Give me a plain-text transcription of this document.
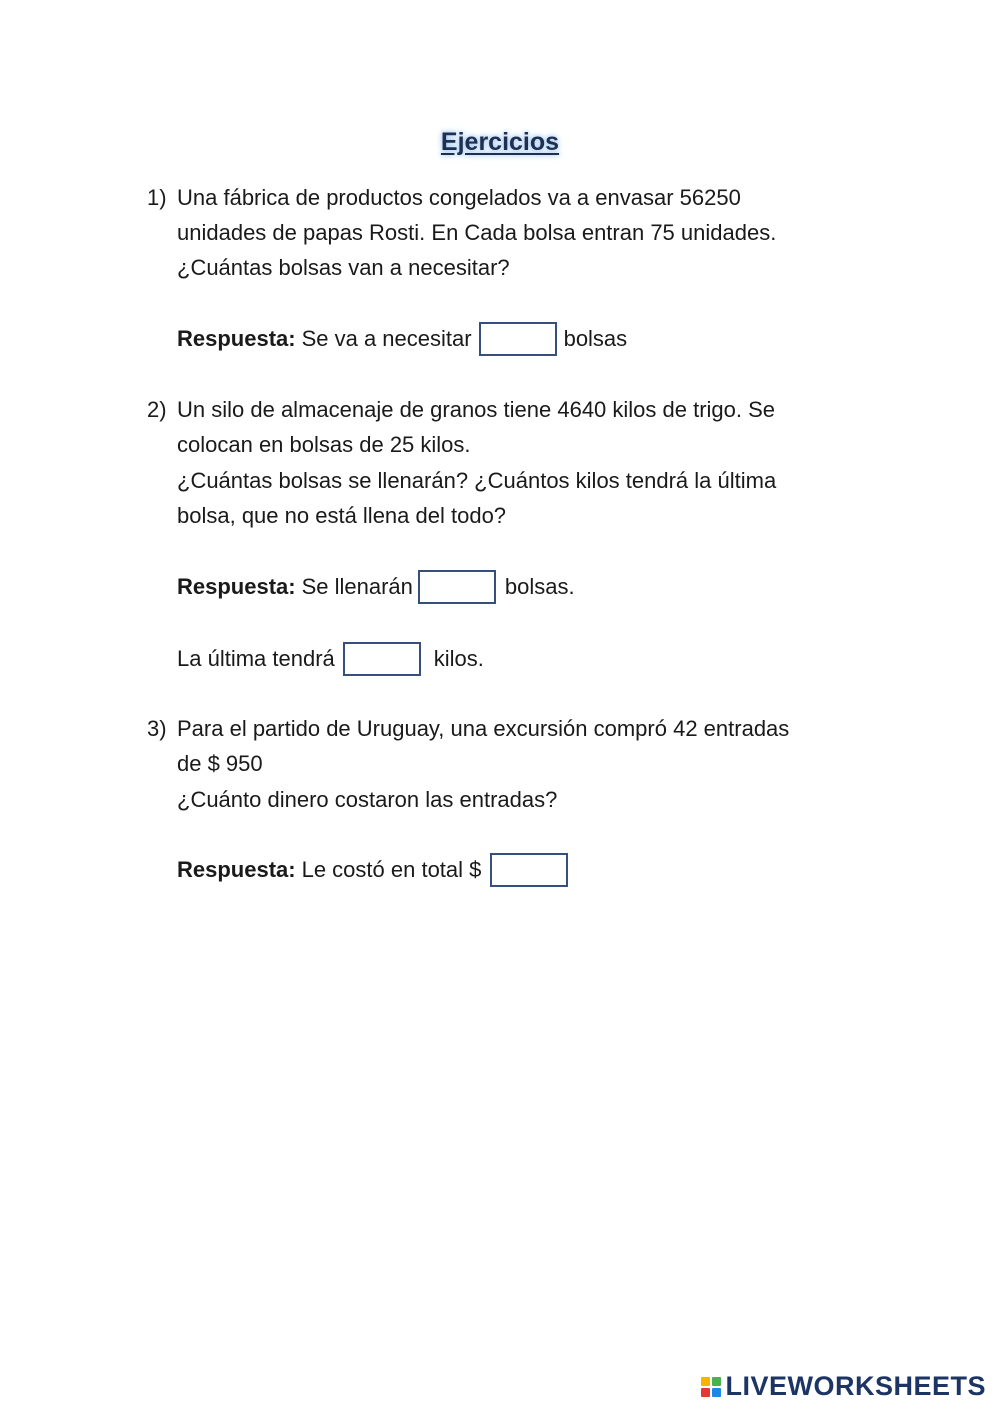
Ejercicios
1) Una fábrica de productos congelados va a envasar 56250
unidades de papas Rosti. En Cada bolsa entran 75 unidades.
¿Cuántas bolsas van a necesitar?
Respuesta: Se va a necesitar	bolsas
2) Un silo de almacenaje de granos tiene 4640 kilos de trigo. Se
colocan en bolsas de 25 kilos.
¿Cuántas bolsas se llenarán? ¿Cuántos kilos tendrá la última
bolsa, que no está llena del todo?
Respuesta: Se llenarán	bolsas.
La última tendrá	kilos.
3) Para el partido de Uruguay, una excursión compró 42 entradas
de $ 950
¿Cuánto dinero costaron las entradas?
Respuesta: Le costó en total $
LIVEWORKSHEETS
